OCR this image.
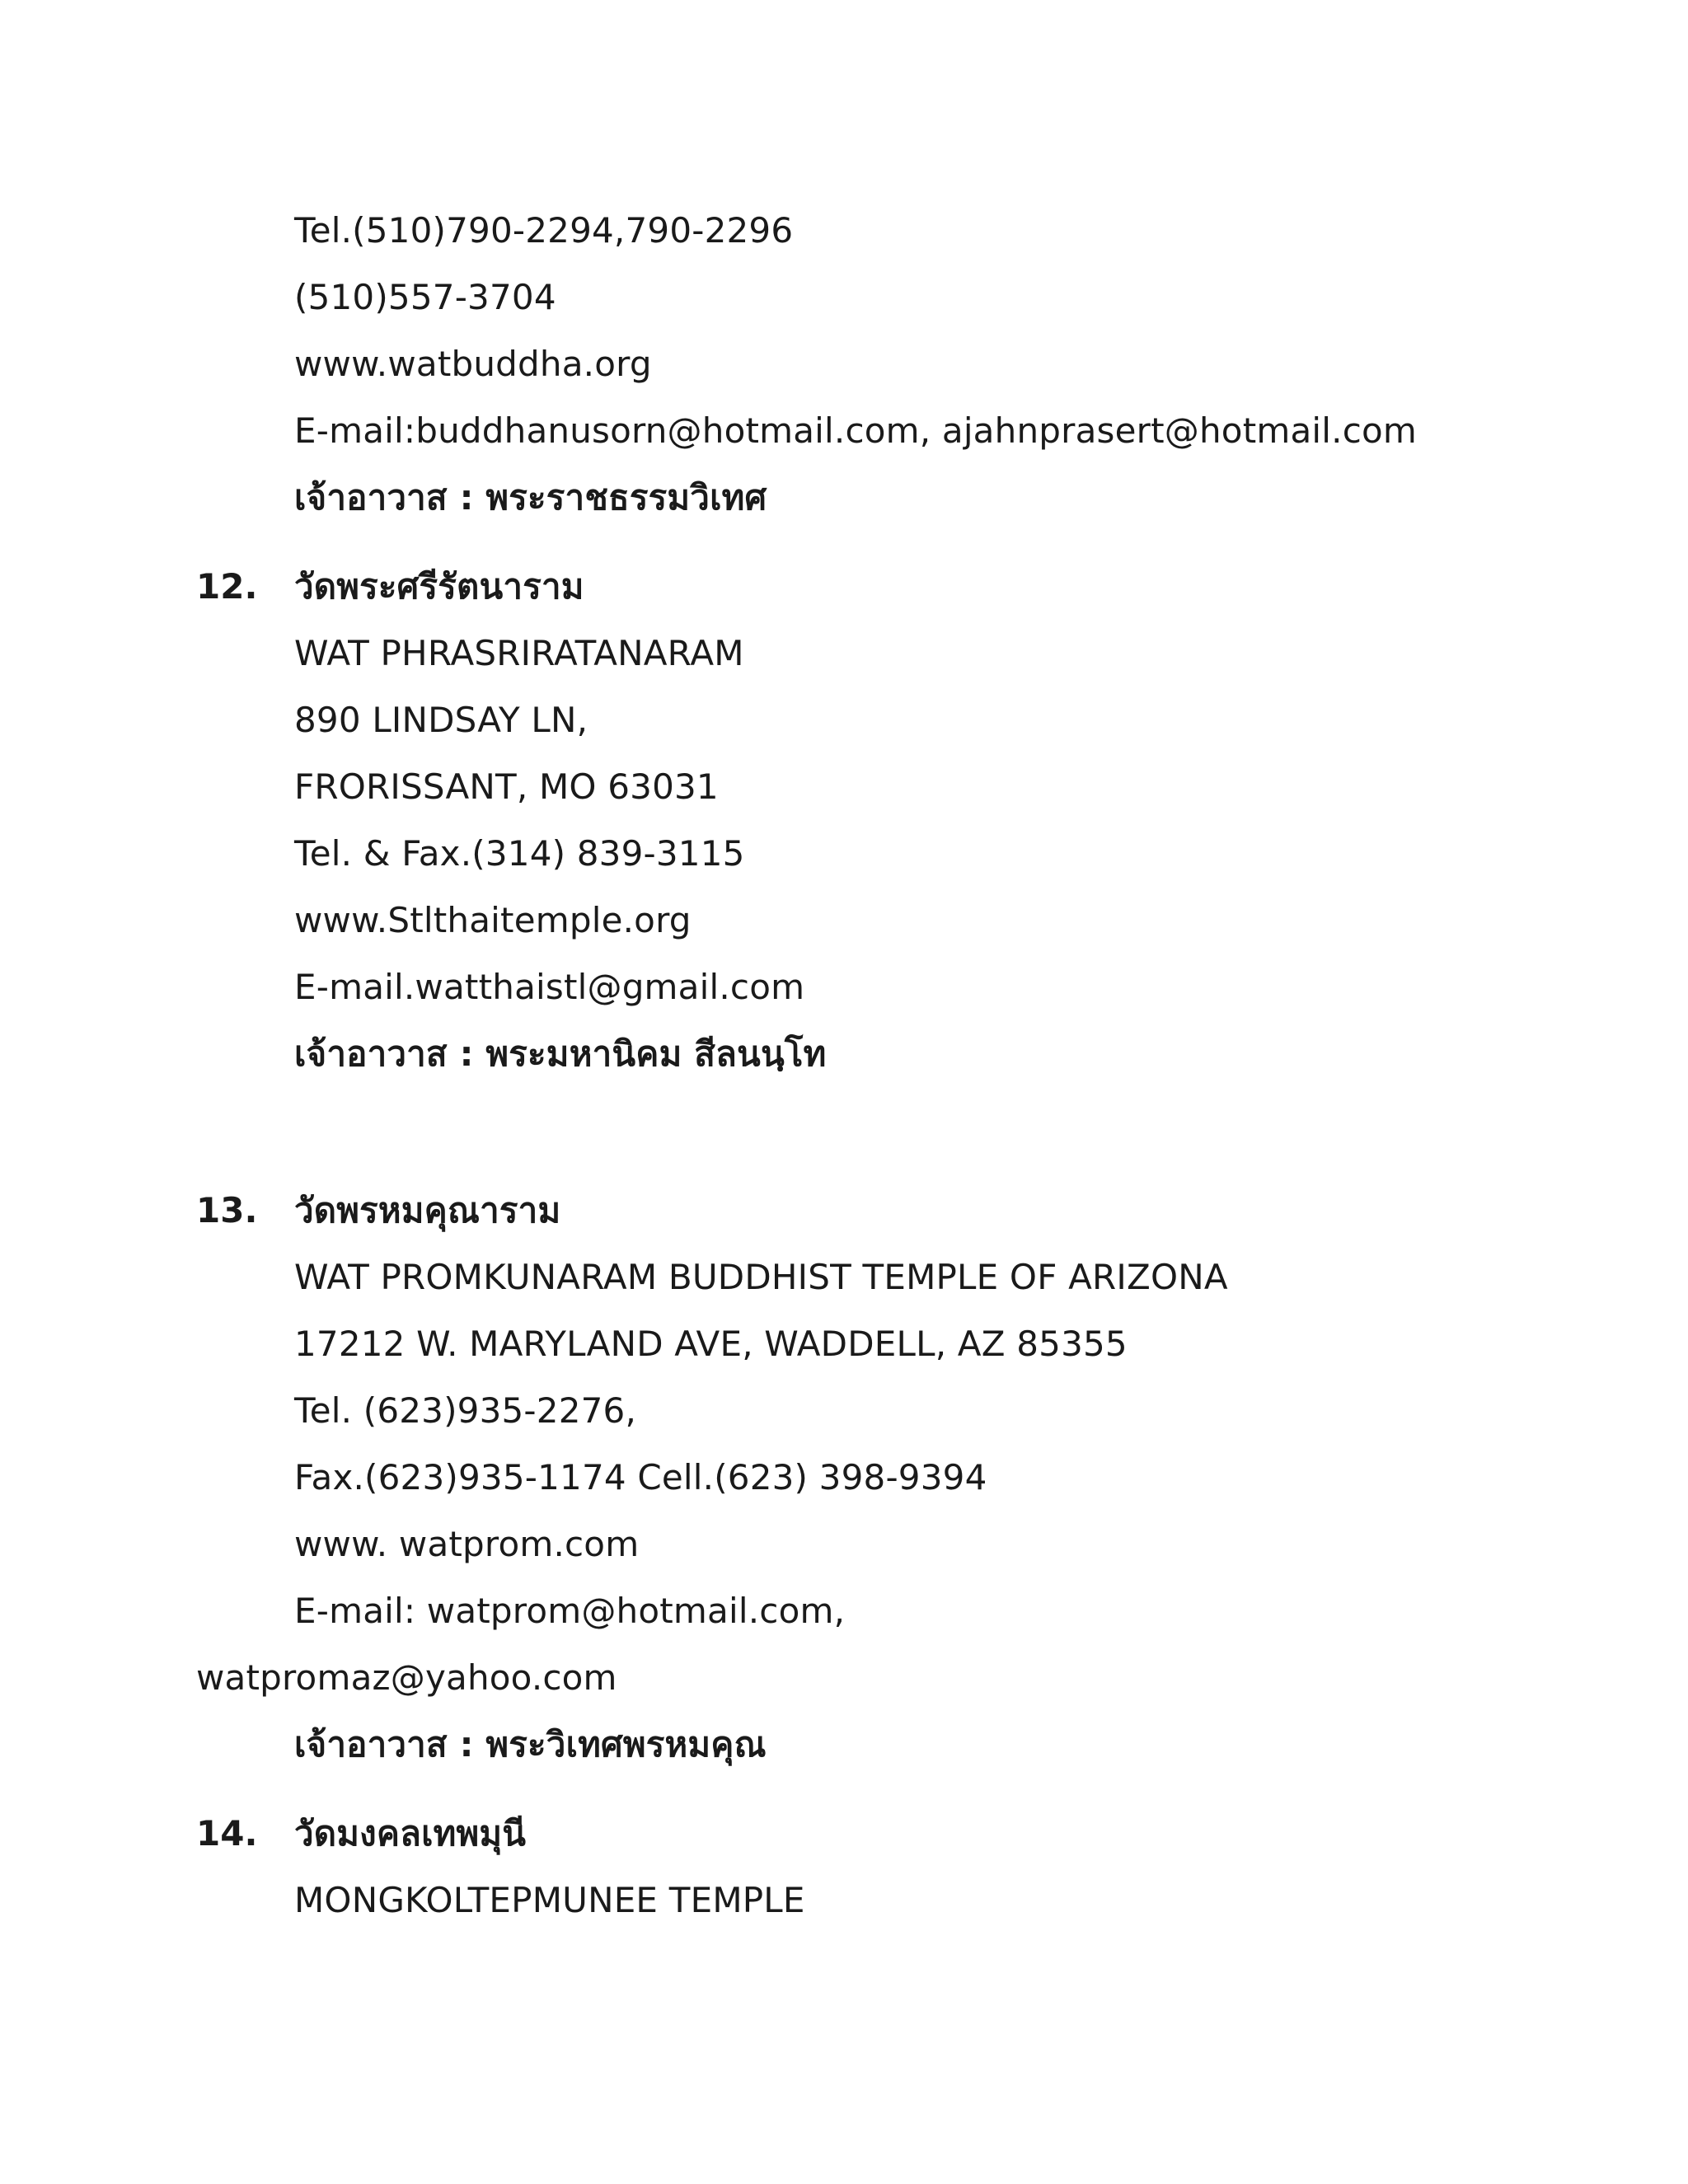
Tel.(510)790-2294,790-2296
(510)557-3704
www.watbuddha.org
E-mail:buddhanusorn@hotmail.com, ajahnprasert@hotmail.com
เจ้าอาวาส : พระราชธรรมวิเทศ
12. วัดพระศรีรัตนาราม
WAT PHRASRIRATANARAM
890 LINDSAY LN,
FRORISSANT, MO 63031
Tel. & Fax.(314) 839-3115
www.Stlthaitemple.org
E-mail.watthaistl@gmail.com
เจ้าอาวาส : พระมหานิคม สีลนนฺโท
13. วัดพรหมคุณาราม
WAT PROMKUNARAM BUDDHIST TEMPLE OF ARIZONA
17212 W. MARYLAND AVE, WADDELL, AZ 85355
Tel. (623)935-2276,
Fax.(623)935-1174 Cell.(623) 398-9394
www. watprom.com
E-mail: watprom@hotmail.com,
watpromaz@yahoo.com
เจ้าอาวาส : พระวิเทศพรหมคุณ
14. วัดมงคลเทพมุนี
MONGKOLTEPMUNEE TEMPLE
